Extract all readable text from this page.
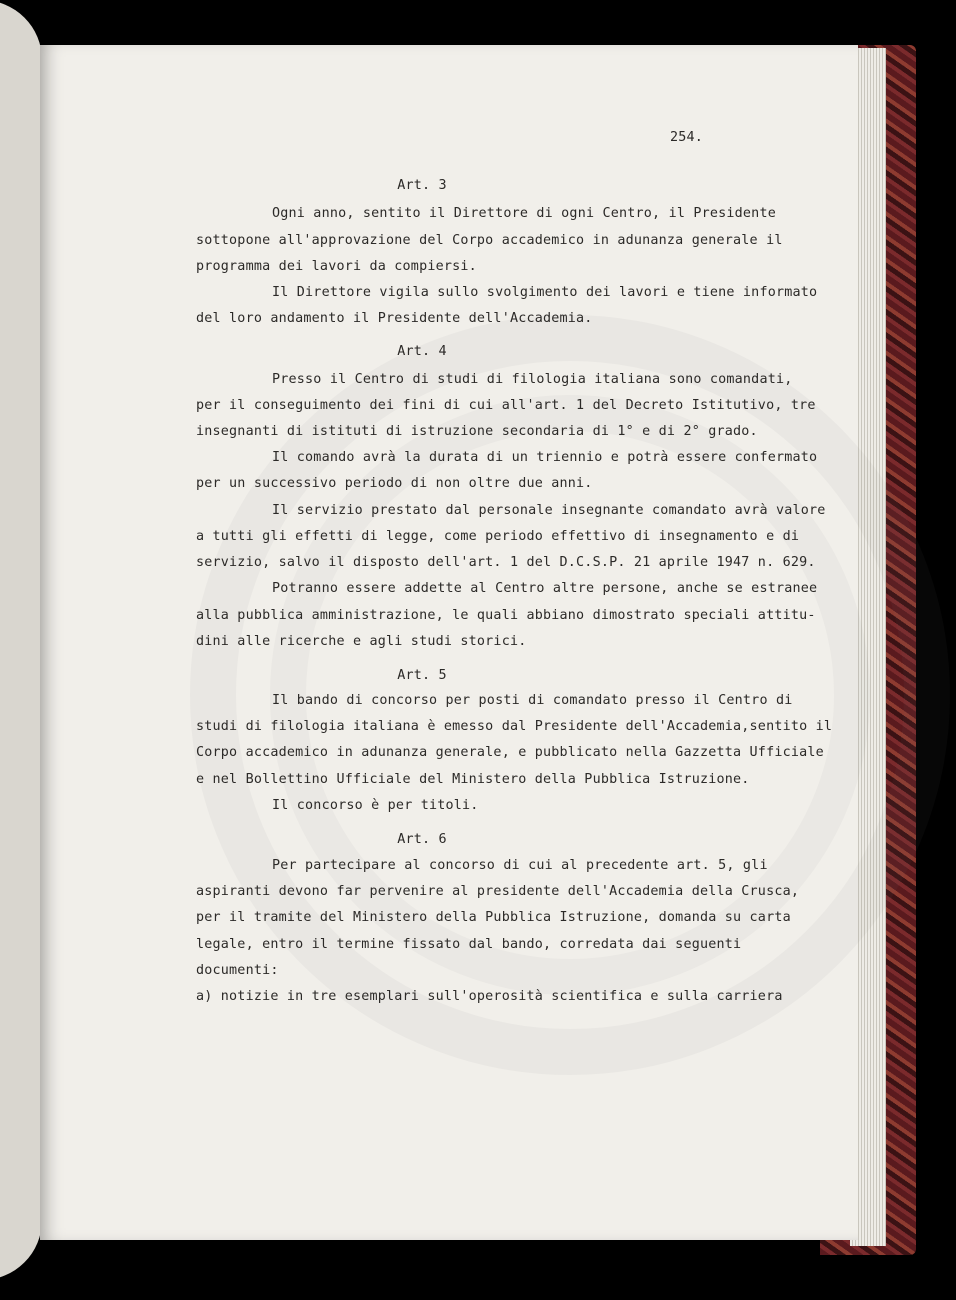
254.
Art. 3
Ogni anno, sentito il Direttore di ogni Centro, il Presidente
sottopone all'approvazione del Corpo accademico in adunanza generale il
programma dei lavori da compiersi.
Il Direttore vigila sullo svolgimento dei lavori e tiene informato
del loro andamento il Presidente dell'Accademia.
Art. 4
Presso il Centro di studi di filologia italiana sono comandati,
per il conseguimento dei fini di cui all'art. 1 del Decreto Istitutivo, tre
insegnanti di istituti di istruzione secondaria di 1° e di 2° grado.
Il comando avrà la durata di un triennio e potrà essere confermato
per un successivo periodo di non oltre due anni.
Il servizio prestato dal personale insegnante comandato avrà valore
a tutti gli effetti di legge, come periodo effettivo di insegnamento e di
servizio, salvo il disposto dell'art. 1 del D.C.S.P. 21 aprile 1947 n. 629.
Potranno essere addette al Centro altre persone, anche se estranee
alla pubblica amministrazione, le quali abbiano dimostrato speciali attitu-
dini alle ricerche e agli studi storici.
Art. 5
Il bando di concorso per posti di comandato presso il Centro di
studi di filologia italiana è emesso dal Presidente dell'Accademia,sentito il
Corpo accademico in adunanza generale, e pubblicato nella Gazzetta Ufficiale
e nel Bollettino Ufficiale del Ministero della Pubblica Istruzione.
Il concorso è per titoli.
Art. 6
Per partecipare al concorso di cui al precedente art. 5, gli
aspiranti devono far pervenire al presidente dell'Accademia della Crusca,
per il tramite del Ministero della Pubblica Istruzione, domanda su carta
legale, entro il termine fissato dal bando, corredata dai seguenti
documenti:
a) notizie in tre esemplari sull'operosità scientifica e sulla carriera
